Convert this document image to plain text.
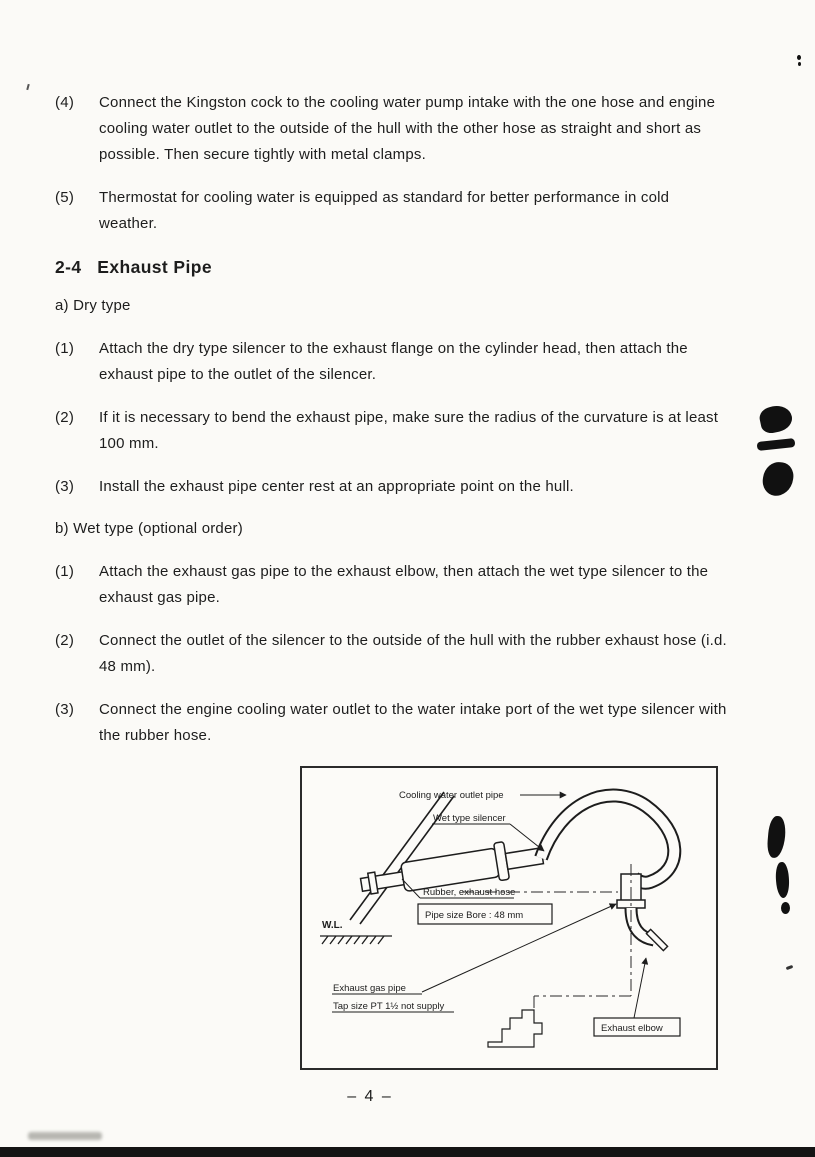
(4)	Connect the Kingston cock to the cooling water pump intake with the one hose and engine cooling water outlet to the outside of the hull with the other hose as straight and short as possible. Then secure tightly with metal clamps.
(5)	Thermostat for cooling water is equipped as standard for better performance in cold weather.
2-4   Exhaust Pipe
a) Dry type
(1)	Attach the dry type silencer to the exhaust flange on the cylinder head, then attach the exhaust pipe to the outlet of the silencer.
(2)	If it is necessary to bend the exhaust pipe, make sure the radius of the curvature is at least 100 mm.
(3)	Install the exhaust pipe center rest at an appropriate point on the hull.
b) Wet type (optional order)
(1)	Attach the exhaust gas pipe to the exhaust elbow, then attach the wet type silencer to the exhaust gas pipe.
(2)	Connect the outlet of the silencer to the outside of the hull with the rubber exhaust hose (i.d. 48 mm).
(3)	Connect the engine cooling water outlet to the water intake port of the wet type silencer with the rubber hose.
Cooling water outlet pipe
Wet type silencer
Rubber, exhaust hose
Pipe size Bore : 48 mm
W.L.
Exhaust gas pipe
Tap size PT 1½ not supply
Exhaust elbow
– 4 –
